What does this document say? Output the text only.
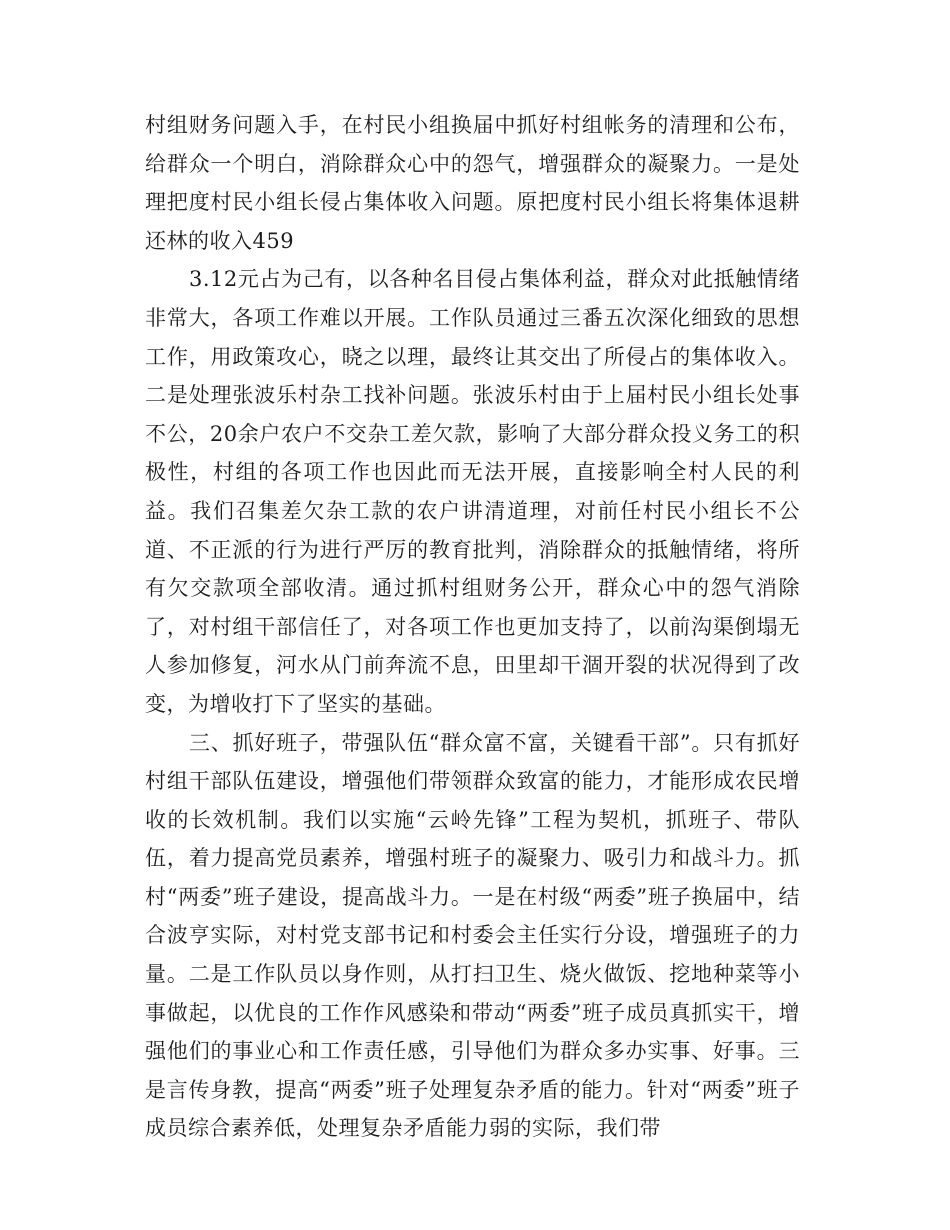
村组财务问题入手，在村民小组换届中抓好村组帐务的清理和公布，给群众一个明白，消除群众心中的怨气，增强群众的凝聚力。一是处理把度村民小组长侵占集体收入问题。原把度村民小组长将集体退耕还林的收入459

3.12元占为己有，以各种名目侵占集体利益，群众对此抵触情绪非常大，各项工作难以开展。工作队员通过三番五次深化细致的思想工作，用政策攻心，晓之以理，最终让其交出了所侵占的集体收入。二是处理张波乐村杂工找补问题。张波乐村由于上届村民小组长处事不公，20余户农户不交杂工差欠款，影响了大部分群众投义务工的积极性，村组的各项工作也因此而无法开展，直接影响全村人民的利益。我们召集差欠杂工款的农户讲清道理，对前任村民小组长不公道、不正派的行为进行严厉的教育批判，消除群众的抵触情绪，将所有欠交款项全部收清。通过抓村组财务公开，群众心中的怨气消除了，对村组干部信任了，对各项工作也更加支持了，以前沟渠倒塌无人参加修复，河水从门前奔流不息，田里却干涸开裂的状况得到了改变，为增收打下了坚实的基础。

三、抓好班子，带强队伍“群众富不富，关键看干部”。只有抓好村组干部队伍建设，增强他们带领群众致富的能力，才能形成农民增收的长效机制。我们以实施“云岭先锋”工程为契机，抓班子、带队伍，着力提高党员素养，增强村班子的凝聚力、吸引力和战斗力。抓村“两委”班子建设，提高战斗力。一是在村级“两委”班子换届中，结合波亨实际，对村党支部书记和村委会主任实行分设，增强班子的力量。二是工作队员以身作则，从打扫卫生、烧火做饭、挖地种菜等小事做起，以优良的工作作风感染和带动“两委”班子成员真抓实干，增强他们的事业心和工作责任感，引导他们为群众多办实事、好事。三是言传身教，提高“两委”班子处理复杂矛盾的能力。针对“两委”班子成员综合素养低，处理复杂矛盾能力弱的实际，我们带
